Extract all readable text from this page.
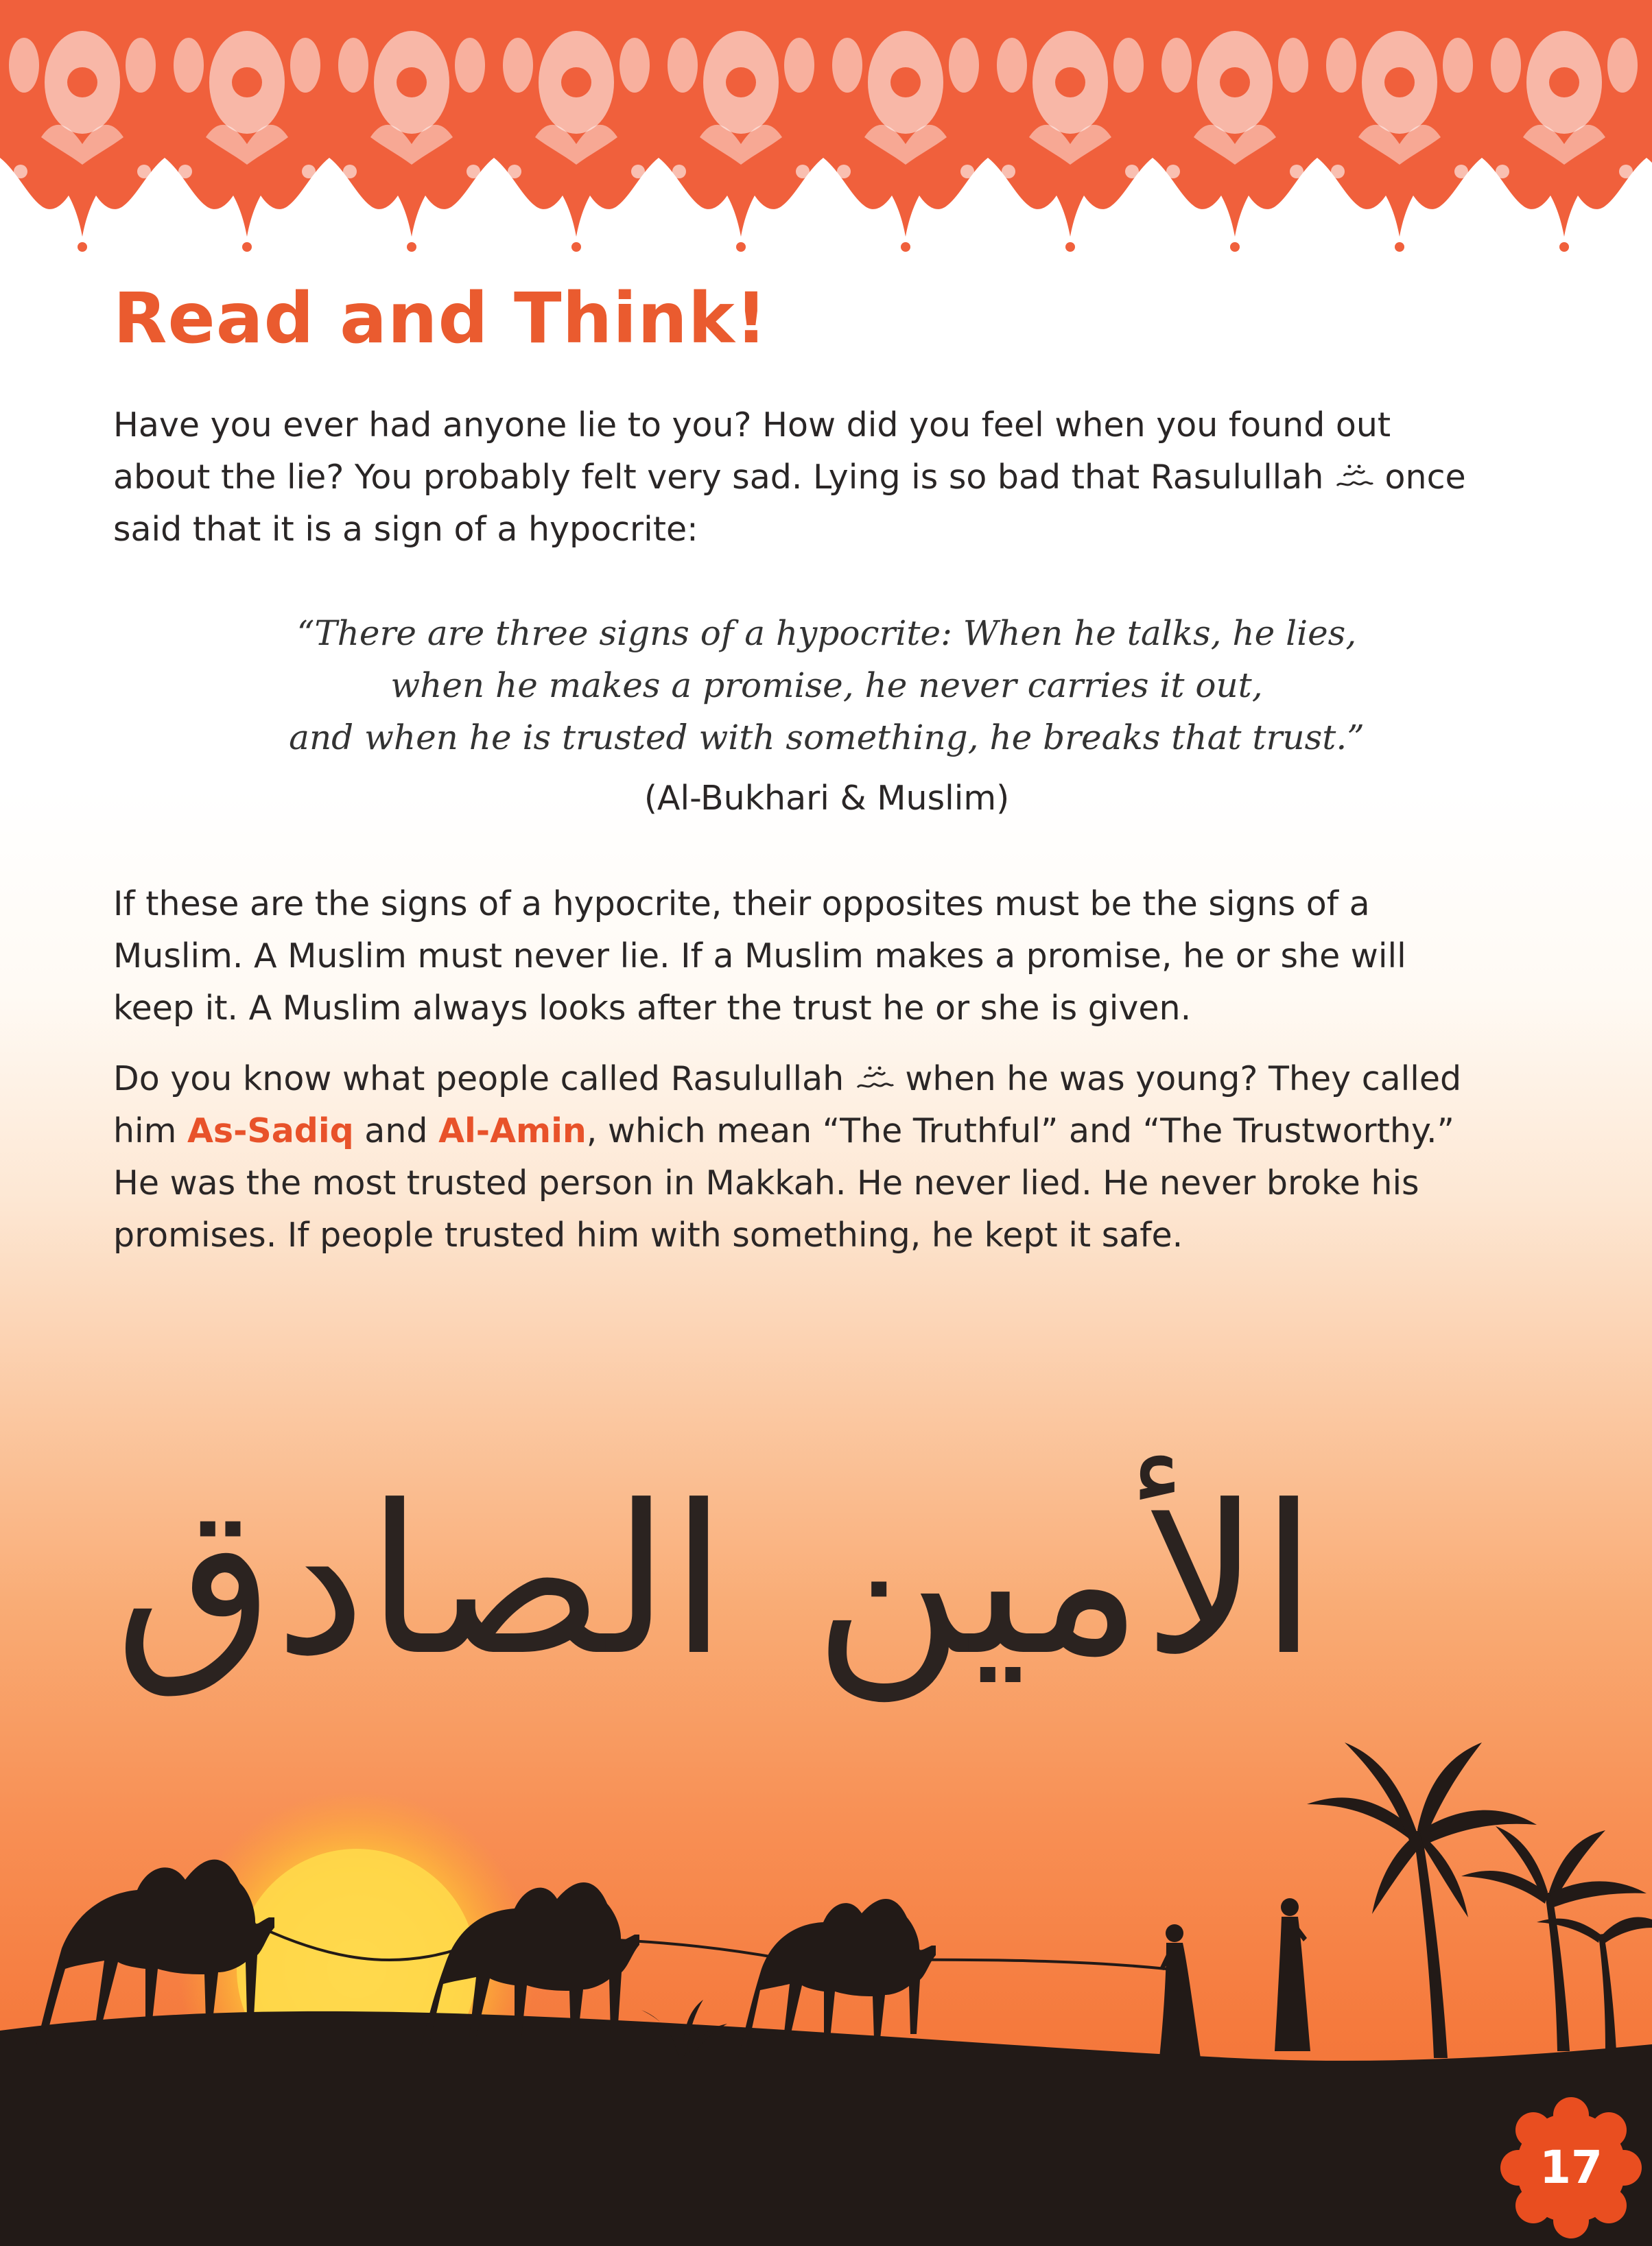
Read and Think!

Have you ever had anyone lie to you? How did you feel when you found out about the lie? You probably felt very sad. Lying is so bad that Rasulullah once said that it is a sign of a hypocrite:

“There are three signs of a hypocrite: When he talks, he lies,
when he makes a promise, he never carries it out,
and when he is trusted with something, he breaks that trust.”
(Al-Bukhari & Muslim)

If these are the signs of a hypocrite, their opposites must be the signs of a Muslim. A Muslim must never lie. If a Muslim makes a promise, he or she will keep it. A Muslim always looks after the trust he or she is given.

Do you know what people called Rasulullah when he was young? They called him As-Sadiq and Al-Amin, which mean “The Truthful” and “The Trustworthy.” He was the most trusted person in Makkah. He never lied. He never broke his promises. If people trusted him with something, he kept it safe.

الأمين
الصادق
17
